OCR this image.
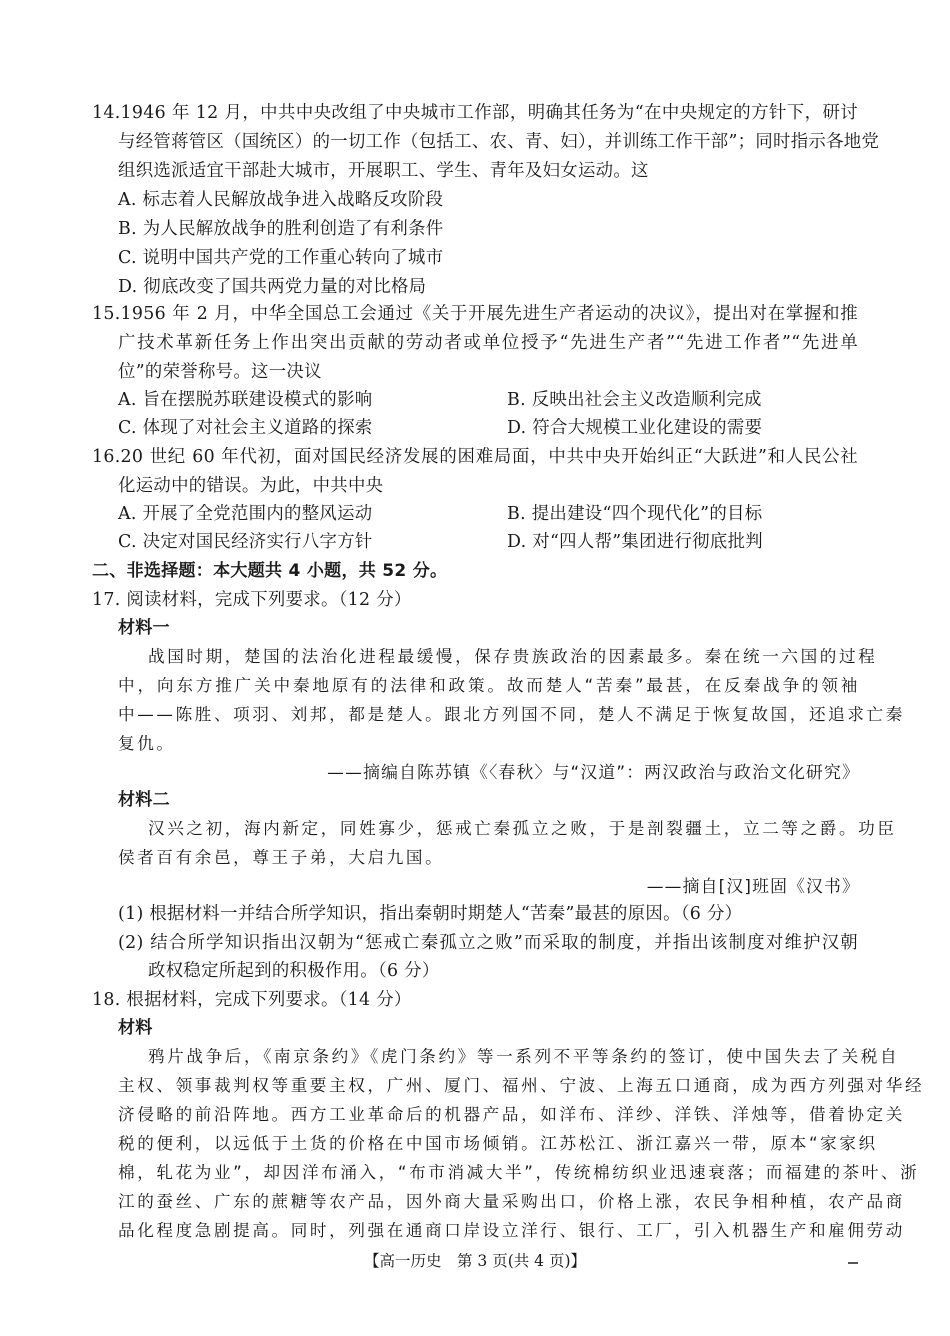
14.1946 年 12 月，中共中央改组了中央城市工作部，明确其任务为“在中央规定的方针下，研讨
与经管蒋管区（国统区）的一切工作（包括工、农、青、妇），并训练工作干部”；同时指示各地党
组织选派适宜干部赴大城市，开展职工、学生、青年及妇女运动。这
A. 标志着人民解放战争进入战略反攻阶段
B. 为人民解放战争的胜利创造了有利条件
C. 说明中国共产党的工作重心转向了城市
D. 彻底改变了国共两党力量的对比格局
15.1956 年 2 月，中华全国总工会通过《关于开展先进生产者运动的决议》，提出对在掌握和推
广技术革新任务上作出突出贡献的劳动者或单位授予“先进生产者”“先进工作者”“先进单
位”的荣誉称号。这一决议
A. 旨在摆脱苏联建设模式的影响	B. 反映出社会主义改造顺利完成
C. 体现了对社会主义道路的探索	D. 符合大规模工业化建设的需要
16.20 世纪 60 年代初，面对国民经济发展的困难局面，中共中央开始纠正“大跃进”和人民公社
化运动中的错误。为此，中共中央
A. 开展了全党范围内的整风运动	B. 提出建设“四个现代化”的目标
C. 决定对国民经济实行八字方针	D. 对“四人帮”集团进行彻底批判
二、非选择题：本大题共 4 小题，共 52 分。
17. 阅读材料，完成下列要求。（12 分）
材料一
战国时期，楚国的法治化进程最缓慢，保存贵族政治的因素最多。秦在统一六国的过程
中，向东方推广关中秦地原有的法律和政策。故而楚人“苦秦”最甚，在反秦战争的领袖
中——陈胜、项羽、刘邦，都是楚人。跟北方列国不同，楚人不满足于恢复故国，还追求亡秦
复仇。
——摘编自陈苏镇《〈春秋〉与“汉道”：两汉政治与政治文化研究》
材料二
汉兴之初，海内新定，同姓寡少，惩戒亡秦孤立之败，于是剖裂疆土，立二等之爵。功臣
侯者百有余邑，尊王子弟，大启九国。
——摘自[汉]班固《汉书》
(1) 根据材料一并结合所学知识，指出秦朝时期楚人“苦秦”最甚的原因。（6 分）
(2) 结合所学知识指出汉朝为“惩戒亡秦孤立之败”而采取的制度，并指出该制度对维护汉朝
政权稳定所起到的积极作用。（6 分）
18. 根据材料，完成下列要求。（14 分）
材料
鸦片战争后，《南京条约》《虎门条约》等一系列不平等条约的签订，使中国失去了关税自
主权、领事裁判权等重要主权，广州、厦门、福州、宁波、上海五口通商，成为西方列强对华经
济侵略的前沿阵地。西方工业革命后的机器产品，如洋布、洋纱、洋铁、洋烛等，借着协定关
税的便利，以远低于土货的价格在中国市场倾销。江苏松江、浙江嘉兴一带，原本“家家织
棉，轧花为业”，却因洋布涌入，“布市消减大半”，传统棉纺织业迅速衰落；而福建的茶叶、浙
江的蚕丝、广东的蔗糖等农产品，因外商大量采购出口，价格上涨，农民争相种植，农产品商
品化程度急剧提高。同时，列强在通商口岸设立洋行、银行、工厂，引入机器生产和雇佣劳动
【高一历史　第 3 页(共 4 页)】
